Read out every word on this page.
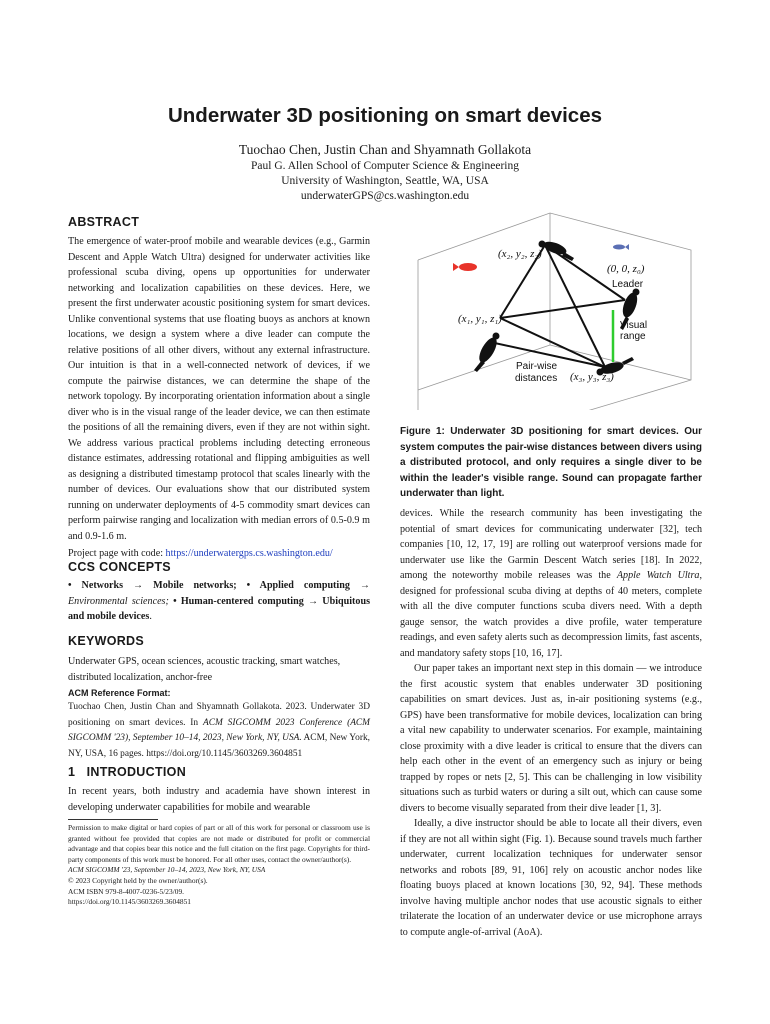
Underwater 3D positioning on smart devices
Tuochao Chen, Justin Chan and Shyamnath Gollakota
Paul G. Allen School of Computer Science & Engineering
University of Washington, Seattle, WA, USA
underwaterGPS@cs.washington.edu
ABSTRACT

The emergence of water-proof mobile and wearable devices (e.g., Garmin Descent and Apple Watch Ultra) designed for underwater activities like professional scuba diving, opens up opportunities for underwater networking and localization capabilities on these devices. Here, we present the first underwater acoustic positioning system for smart devices. Unlike conventional systems that use floating buoys as anchors at known locations, we design a system where a dive leader can compute the relative positions of all other divers, without any external infrastructure. Our intuition is that in a well-connected network of devices, if we compute the pairwise distances, we can determine the shape of the network topology. By incorporating orientation information about a single diver who is in the visual range of the leader device, we can then estimate the positions of all the remaining divers, even if they are not within sight. We address various practical problems including detecting erroneous distance estimates, addressing rotational and flipping ambiguities as well as designing a distributed timestamp protocol that scales linearly with the number of devices. Our evaluations show that our distributed system running on underwater deployments of 4-5 commodity smart devices can perform pairwise ranging and localization with median errors of 0.5-0.9 m and 0.9-1.6 m.

Project page with code: https://underwatergps.cs.washington.edu/

CCS CONCEPTS

• Networks → Mobile networks; • Applied computing → Environmental sciences; • Human-centered computing → Ubiquitous and mobile devices.

KEYWORDS
Underwater GPS, ocean sciences, acoustic tracking, smart watches, distributed localization, anchor-free
ACM Reference Format:

Tuochao Chen, Justin Chan and Shyamnath Gollakota. 2023. Underwater 3D positioning on smart devices. In ACM SIGCOMM 2023 Conference (ACM SIGCOMM '23), September 10–14, 2023, New York, NY, USA. ACM, New York, NY, USA, 16 pages. https://doi.org/10.1145/3603269.3604851

1 INTRODUCTION
In recent years, both industry and academia have shown interest in developing underwater capabilities for mobile and wearable

Permission to make digital or hard copies of part or all of this work for personal or classroom use is granted without fee provided that copies are not made or distributed for profit or commercial advantage and that copies bear this notice and the full citation on the first page. Copyrights for third-party components of this work must be honored. For all other uses, contact the owner/author(s).

ACM SIGCOMM '23, September 10–14, 2023, New York, NY, USA

© 2023 Copyright held by the owner/author(s).

ACM ISBN 979-8-4007-0236-5/23/09.

https://doi.org/10.1145/3603269.3604851

(x₂, y₂, z₂)
(0, 0, z₀)
Leader
(x₁, y₁, z₁)
Visual
range
Pair-wise
distances (x₃, y₃, z₃)
Figure 1: Underwater 3D positioning for smart devices. Our system computes the pair-wise distances between divers using a distributed protocol, and only requires a single diver to be within the leader's visible range. Sound can propagate farther underwater than light.

devices. While the research community has been investigating the potential of smart devices for communicating underwater [32], tech companies [10, 12, 17, 19] are rolling out waterproof versions made for underwater use like the Garmin Descent Watch series [18]. In 2022, among the noteworthy mobile releases was the Apple Watch Ultra, designed for professional scuba diving at depths of 40 meters, complete with all the dive computer functions scuba divers need. With a depth gauge sensor, the watch provides a dive profile, water temperature readings, and even safety alerts such as decompression limits, fast ascents, and mandatory safety stops [10, 16, 17].

Our paper takes an important next step in this domain — we introduce the first acoustic system that enables underwater 3D positioning capabilities on smart devices. Just as, in-air positioning systems (e.g., GPS) have been transformative for mobile devices, localization can bring a vital new capability to underwater scenarios. For example, maintaining close proximity with a dive leader is critical to ensure that the divers can help each other in the event of an emergency such as injury or being trapped by ropes or nets [2, 5]. This can be challenging in low visibility situations such as turbid waters or during a silt out, which can cause some divers to become visually separated from their dive leader [1, 3].

Ideally, a dive instructor should be able to locate all their divers, even if they are not all within sight (Fig. 1). Because sound travels much farther underwater, current localization techniques for underwater sensor networks and robots [89, 91, 106] rely on acoustic anchor nodes like floating buoys placed at known locations [30, 92, 94]. These methods involve having multiple anchor nodes that use acoustic signals to either trilaterate the location of an underwater device or use microphone arrays to compute angle-of-arrival (AoA).
